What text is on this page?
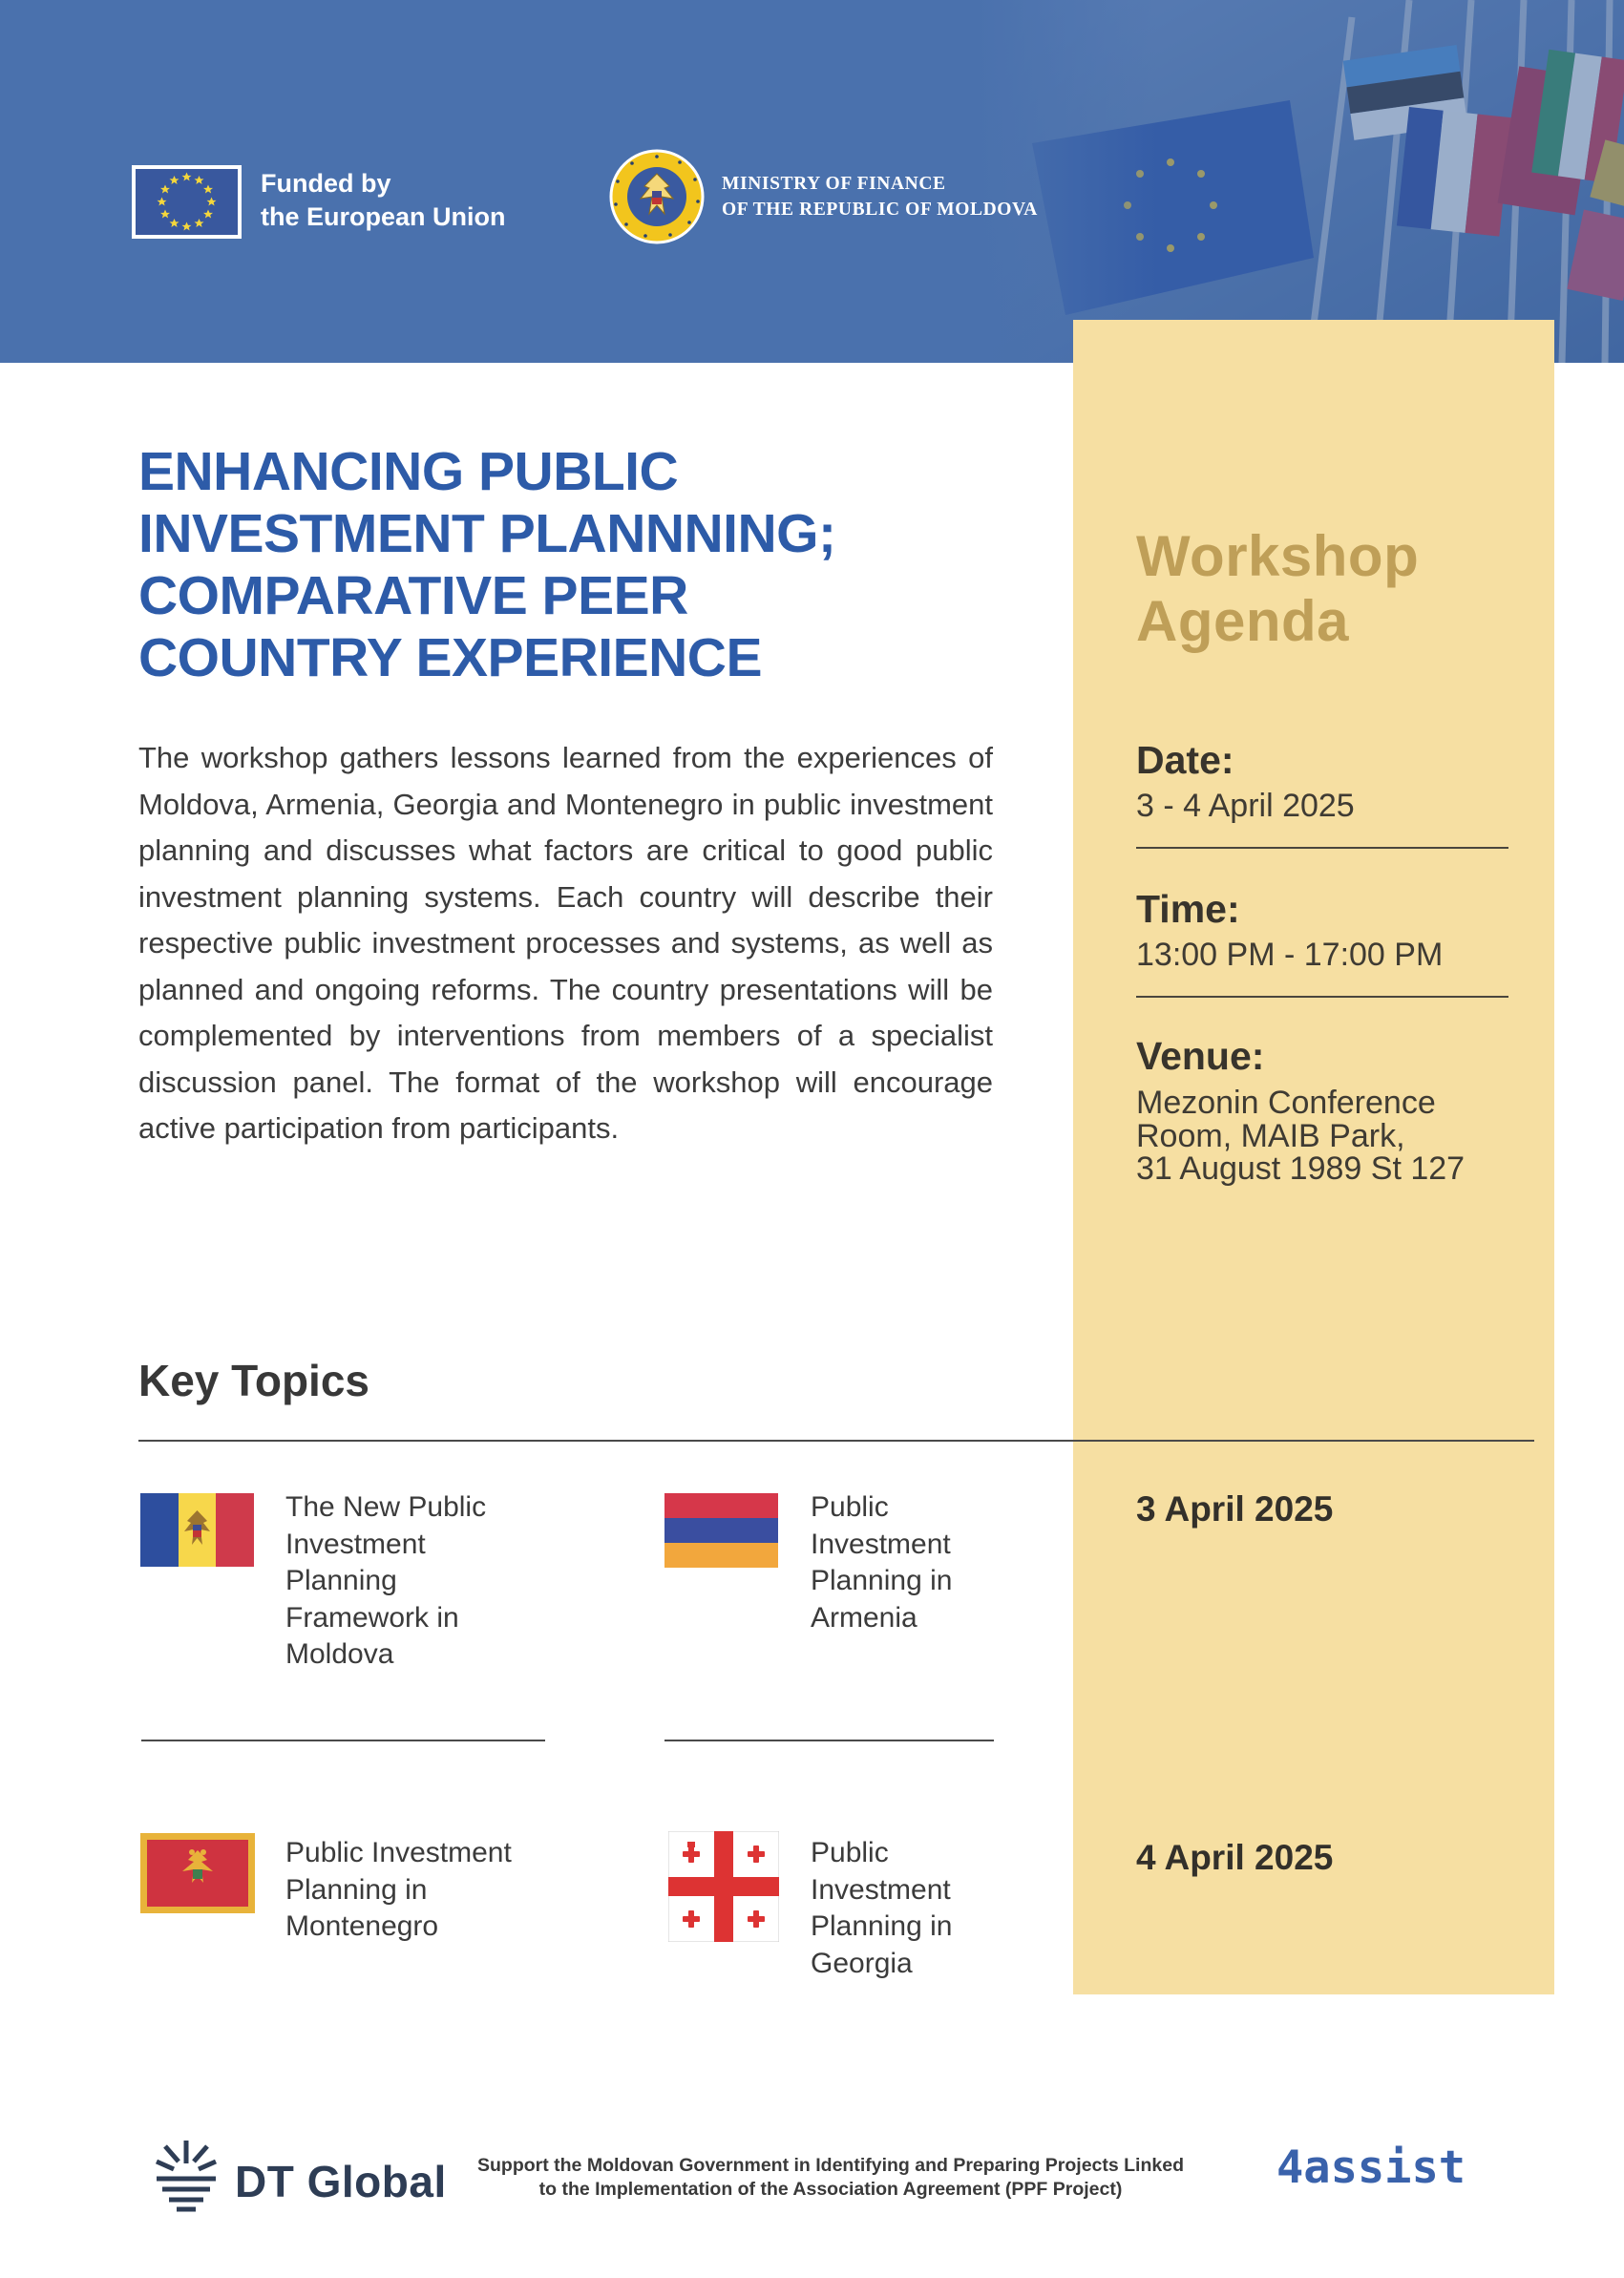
Funded by
the European Union
MINISTRY OF FINANCE
OF THE REPUBLIC OF MOLDOVA
Workshop
Agenda
Date:
3 - 4 April 2025
Time:
13:00 PM - 17:00 PM
Venue:
Mezonin Conference
Room, MAIB Park,
31 August 1989 St 127
3 April 2025
4 April 2025
ENHANCING PUBLIC
INVESTMENT PLANNNING;
COMPARATIVE PEER
COUNTRY EXPERIENCE
The workshop gathers lessons learned from the experiences of Moldova, Armenia, Georgia and Montenegro in public investment planning and discusses what factors are critical to good public investment planning systems. Each country will describe their respective public investment processes and systems, as well as planned and ongoing reforms. The country presentations will be complemented by interventions from members of a specialist discussion panel. The format of the workshop will encourage active participation from participants.
Key Topics
The New Public Investment Planning Framework in Moldova
Public Investment Planning in Armenia
Public Investment Planning in Montenegro
Public Investment Planning in Georgia
DT Global	Support the Moldovan Government in Identifying and Preparing Projects Linked
to the Implementation of the Association Agreement (PPF Project)	4assist
